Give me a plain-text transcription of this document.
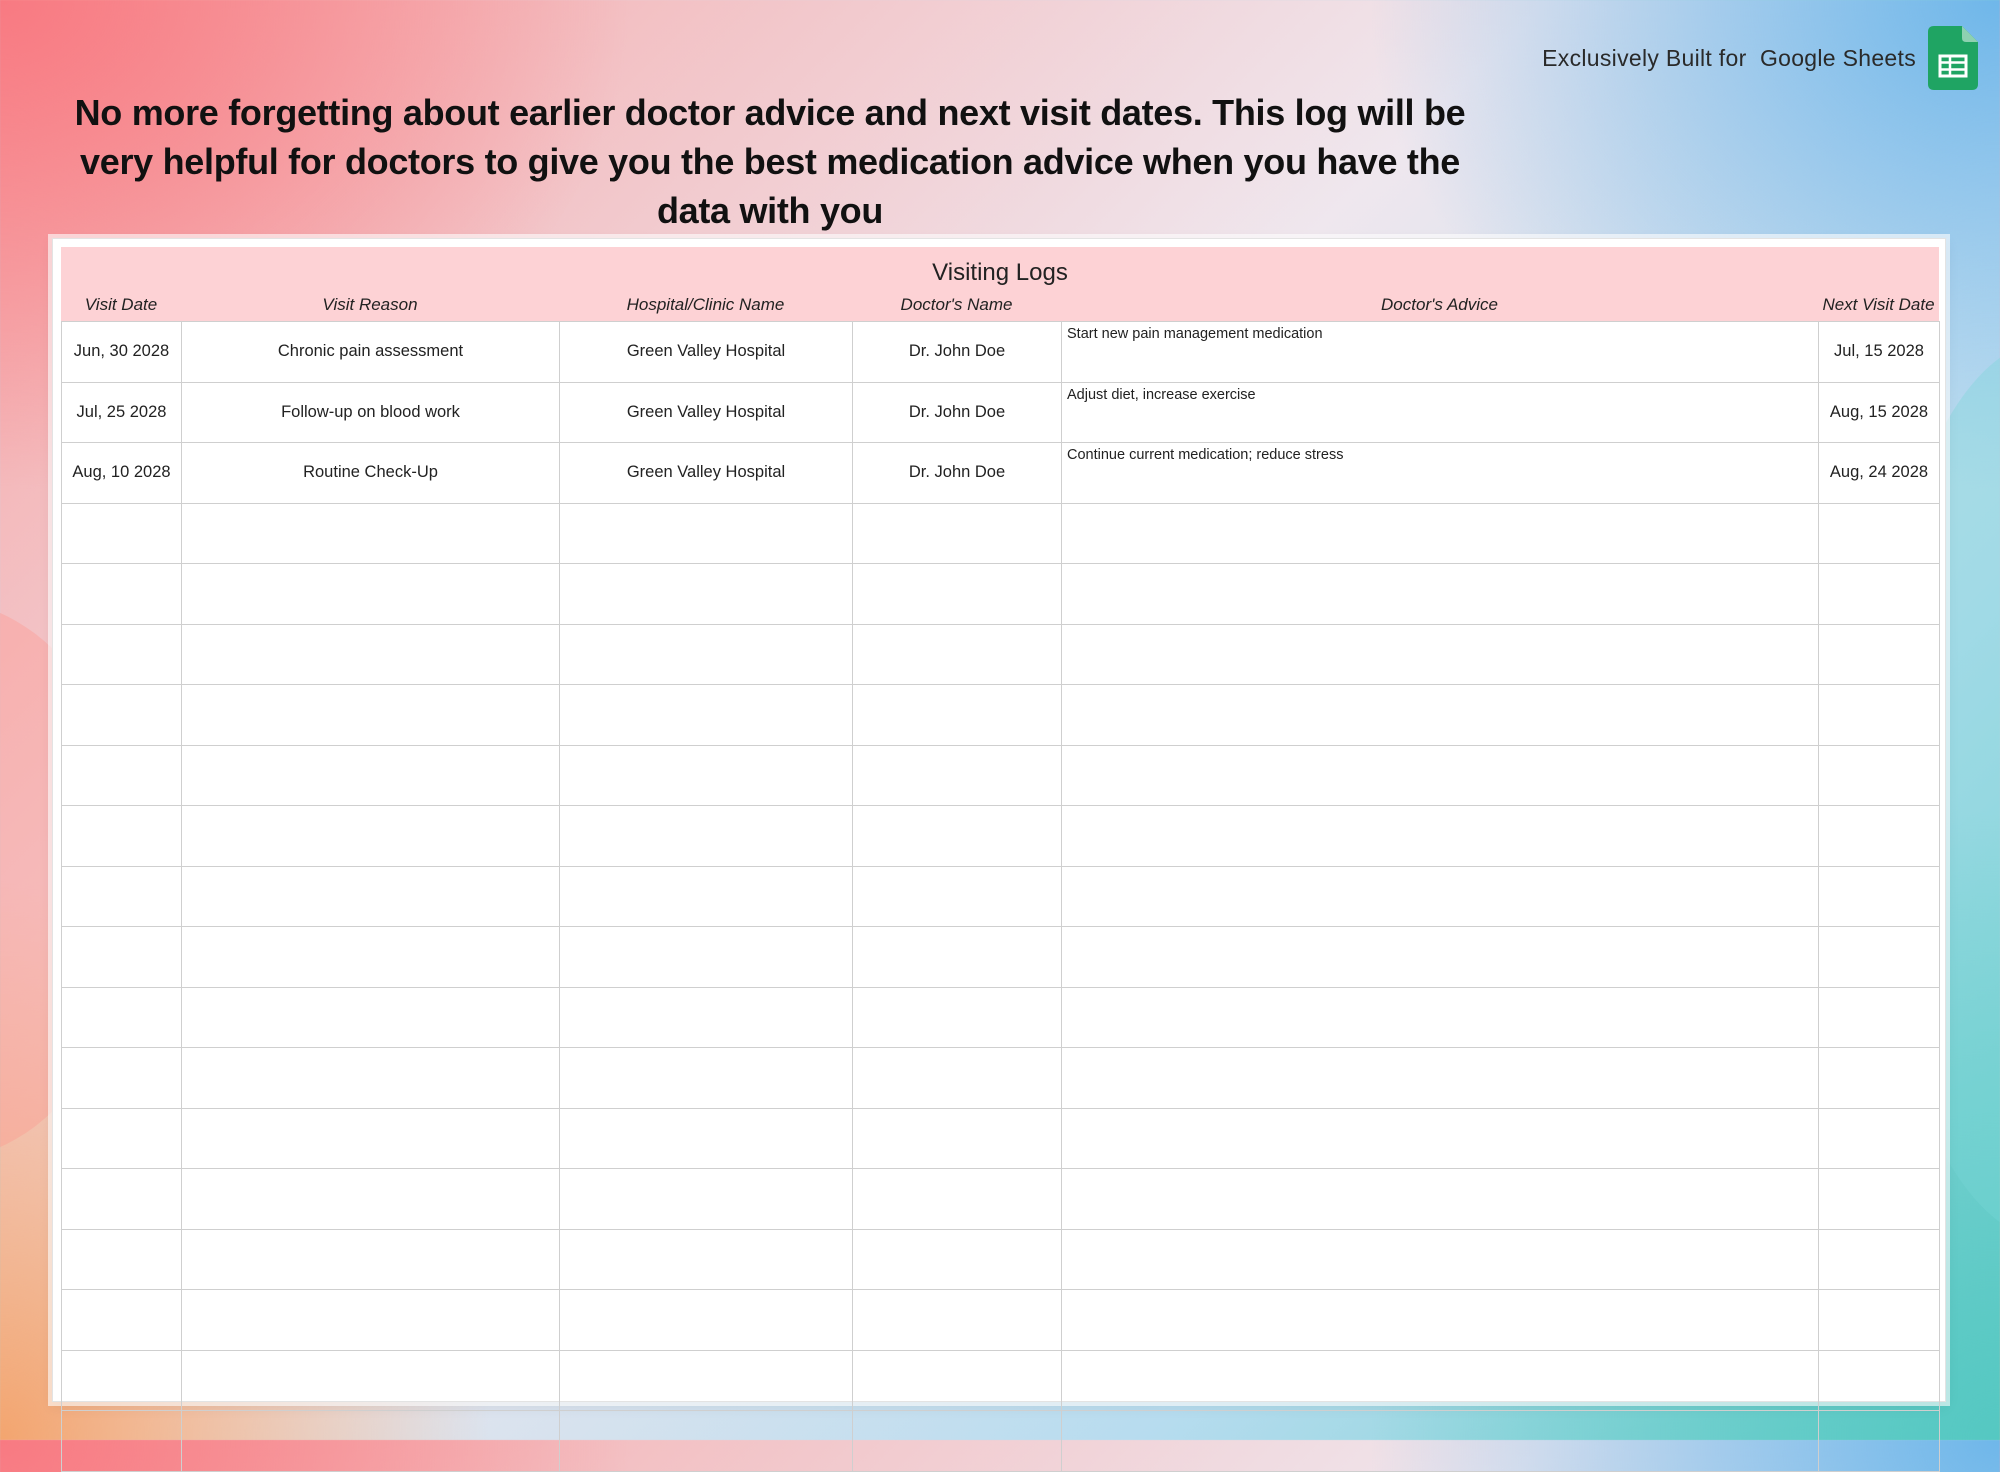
Exclusively Built for Google Sheets
No more forgetting about earlier doctor advice and next visit dates. This log will be very helpful for doctors to give you the best medication advice when you have the data with you
Visiting Logs
Visit Date	Visit Reason	Hospital/Clinic Name	Doctor's Name	Doctor's Advice	Next Visit Date
Jun, 30 2028	Chronic pain assessment	Green Valley Hospital	Dr. John Doe	Start new pain management medication	Jul, 15 2028
Jul, 25 2028	Follow-up on blood work	Green Valley Hospital	Dr. John Doe	Adjust diet, increase exercise	Aug, 15 2028
Aug, 10 2028	Routine Check-Up	Green Valley Hospital	Dr. John Doe	Continue current medication; reduce stress	Aug, 24 2028
